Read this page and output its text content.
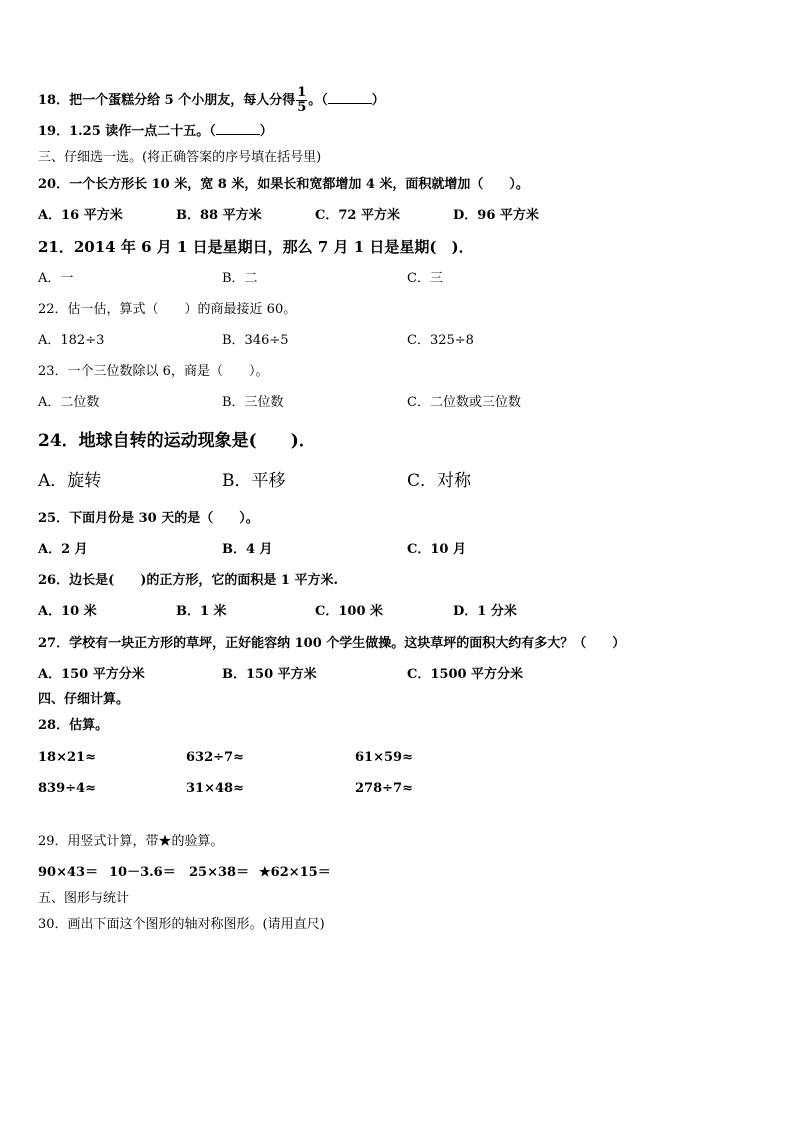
18．把一个蛋糕分给 5 个小朋友，每人分得 $\frac{1}{5}$ 。（	）
19．1.25 读作一点二十五。（	）
三、仔细选一选。(将正确答案的序号填在括号里)
20．一个长方形长 10 米，宽 8 米，如果长和宽都增加 4 米，面积就增加（　　）。
A．16 平方米	B．88 平方米	C．72 平方米	D．96 平方米
21．2014 年 6 月 1 日是星期日，那么 7 月 1 日是星期(　)．
A．一	B．二	C．三
22．估一估，算式（　　）的商最接近 60。
A．182÷3	B．346÷5	C．325÷8
23．一个三位数除以 6，商是（　　）。
A．二位数	B．三位数	C．二位数或三位数
24．地球自转的运动现象是(　　)．
A．旋转	B．平移	C．对称
25．下面月份是 30 天的是（　　）。
A．2 月	B．4 月	C．10 月
26．边长是(　　)的正方形，它的面积是 1 平方米.
A．10 米	B．1 米	C．100 米	D．1 分米
27．学校有一块正方形的草坪，正好能容纳 100 个学生做操。这块草坪的面积大约有多大？（　　）
A．150 平方分米	B．150 平方米	C．1500 平方分米
四、仔细计算。
28．估算。
18×21≈	632÷7≈	61×59≈
839÷4≈	31×48≈	278÷7≈
29．用竖式计算，带★的验算。
90×43＝ 10－3.6＝ 25×38＝ ★62×15＝
五、图形与统计
30．画出下面这个图形的轴对称图形。(请用直尺)
